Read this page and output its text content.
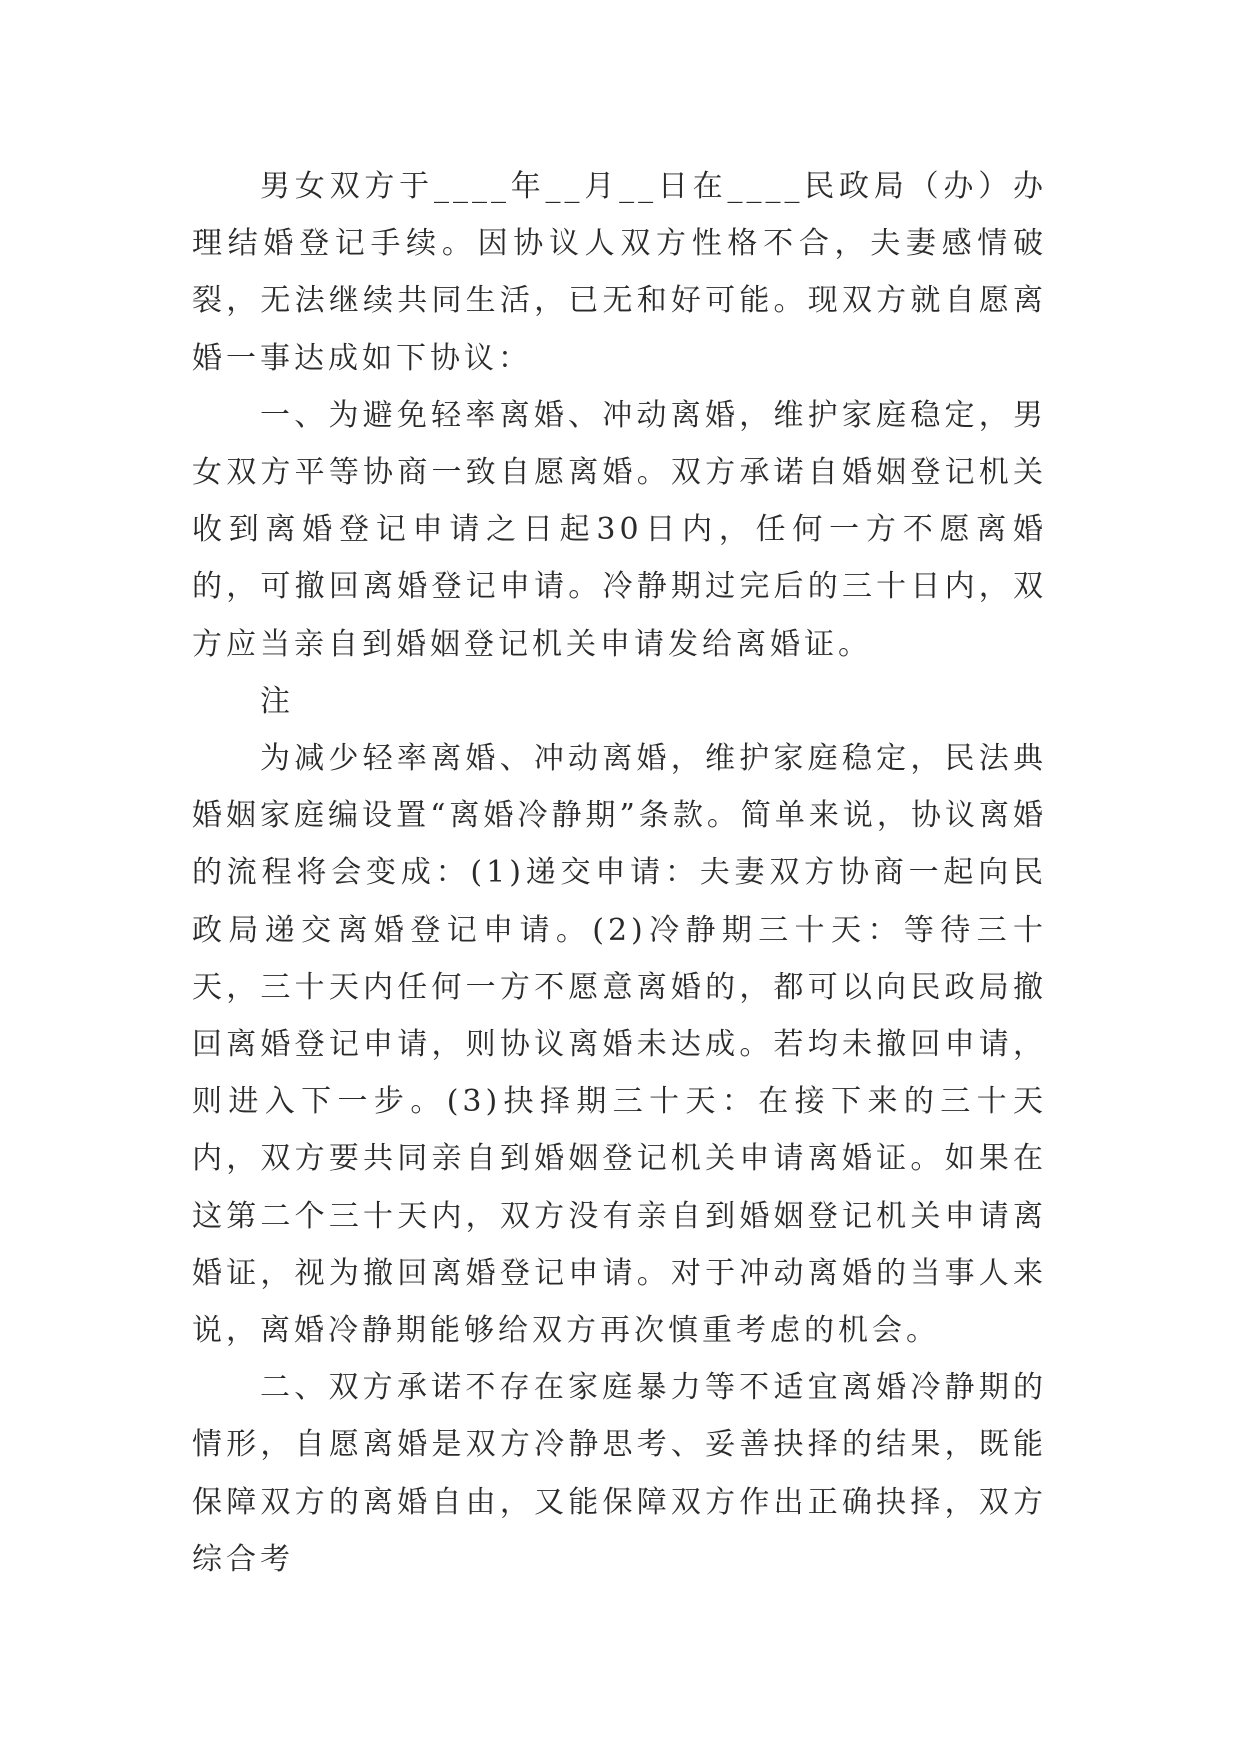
男女双方于____年__月__日在____民政局（办）办理结婚登记手续。因协议人双方性格不合，夫妻感情破裂，无法继续共同生活，已无和好可能。现双方就自愿离婚一事达成如下协议：

一、为避免轻率离婚、冲动离婚，维护家庭稳定，男女双方平等协商一致自愿离婚。双方承诺自婚姻登记机关收到离婚登记申请之日起30日内，任何一方不愿离婚的，可撤回离婚登记申请。冷静期过完后的三十日内，双方应当亲自到婚姻登记机关申请发给离婚证。

注

为减少轻率离婚、冲动离婚，维护家庭稳定，民法典婚姻家庭编设置“离婚冷静期”条款。简单来说，协议离婚的流程将会变成：(1)递交申请：夫妻双方协商一起向民政局递交离婚登记申请。(2)冷静期三十天：等待三十天，三十天内任何一方不愿意离婚的，都可以向民政局撤回离婚登记申请，则协议离婚未达成。若均未撤回申请，则进入下一步。(3)抉择期三十天：在接下来的三十天内，双方要共同亲自到婚姻登记机关申请离婚证。如果在这第二个三十天内，双方没有亲自到婚姻登记机关申请离婚证，视为撤回离婚登记申请。对于冲动离婚的当事人来说，离婚冷静期能够给双方再次慎重考虑的机会。

二、双方承诺不存在家庭暴力等不适宜离婚冷静期的情形，自愿离婚是双方冷静思考、妥善抉择的结果，既能保障双方的离婚自由，又能保障双方作出正确抉择，双方综合考
